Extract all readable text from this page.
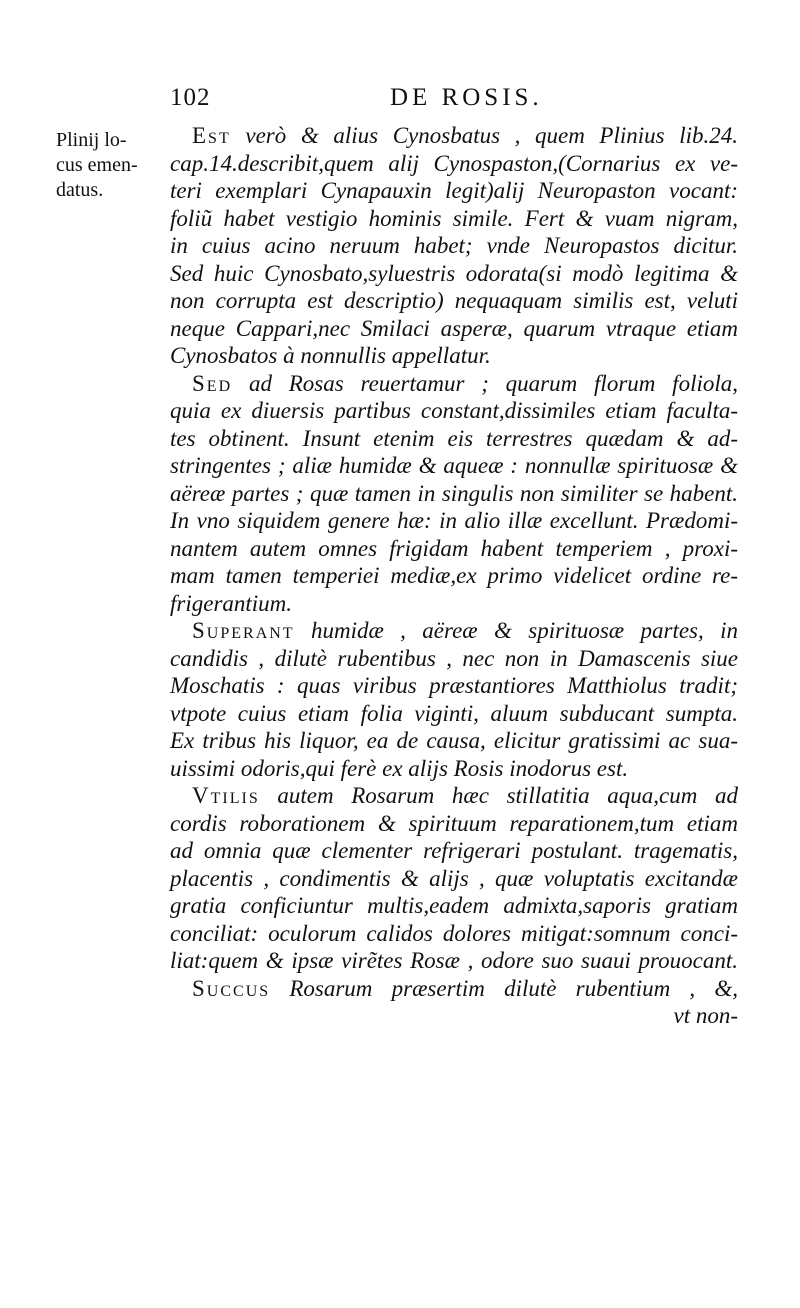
102	DE ROSIS.
Plinij lo-
cus emen-
datus.
Est verò & alius Cynosbatus , quem Plinius lib.24.
cap.14.describit,quem alij Cynospaston,(Cornarius ex ve-
teri exemplari Cynapauxin legit)alij Neuropaston vocant:
foliũ habet vestigio hominis simile. Fert & vuam nigram,
in cuius acino neruum habet; vnde Neuropastos dicitur.
Sed huic Cynosbato,syluestris odorata(si modò legitima &
non corrupta est descriptio) nequaquam similis est, veluti
neque Cappari,nec Smilaci asperæ, quarum vtraque etiam
Cynosbatos à nonnullis appellatur.
Sed ad Rosas reuertamur ; quarum florum foliola,
quia ex diuersis partibus constant,dissimiles etiam faculta-
tes obtinent. Insunt etenim eis terrestres quædam & ad-
stringentes ; aliæ humidæ & aqueæ : nonnullæ spirituosæ &
aëreæ partes ; quæ tamen in singulis non similiter se habent.
In vno siquidem genere hæ: in alio illæ excellunt. Prædomi-
nantem autem omnes frigidam habent temperiem , proxi-
mam tamen temperiei mediæ,ex primo videlicet ordine re-
frigerantium.
Superant humidæ , aëreæ & spirituosæ partes, in
candidis , dilutè rubentibus , nec non in Damascenis siue
Moschatis : quas viribus præstantiores Matthiolus tradit;
vtpote cuius etiam folia viginti, aluum subducant sumpta.
Ex tribus his liquor, ea de causa, elicitur gratissimi ac sua-
uissimi odoris,qui ferè ex alijs Rosis inodorus est.
Vtilis autem Rosarum hæc stillatitia aqua,cum ad
cordis roborationem & spirituum reparationem,tum etiam
ad omnia quæ clementer refrigerari postulant. tragematis,
placentis , condimentis & alijs , quæ voluptatis excitandæ
gratia conficiuntur multis,eadem admixta,saporis gratiam
conciliat: oculorum calidos dolores mitigat:somnum conci-
liat:quem & ipsæ virẽtes Rosæ , odore suo suaui prouocant.
Succus Rosarum præsertim dilutè rubentium , &,
vt non-
